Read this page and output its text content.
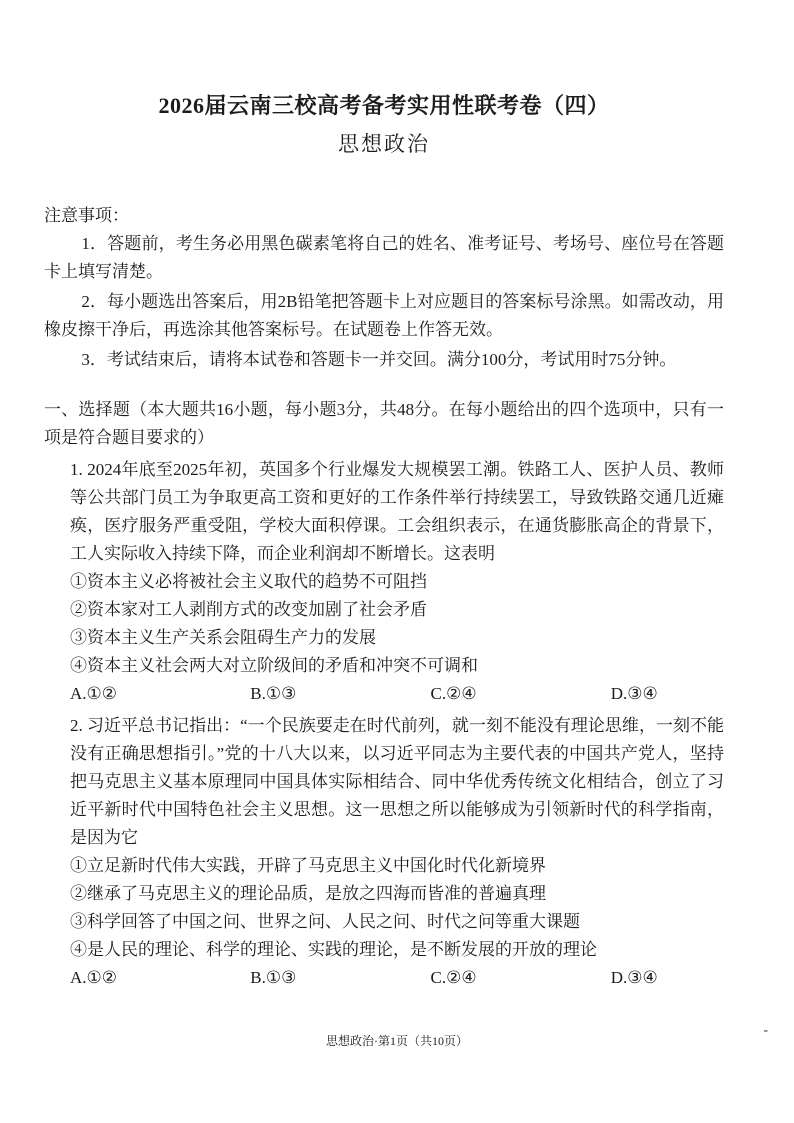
2026届云南三校高考备考实用性联考卷（四）
思想政治

注意事项：

1．答题前，考生务必用黑色碳素笔将自己的姓名、准考证号、考场号、座位号在答题卡上填写清楚。

2．每小题选出答案后，用2B铅笔把答题卡上对应题目的答案标号涂黑。如需改动，用橡皮擦干净后，再选涂其他答案标号。在试题卷上作答无效。

3．考试结束后，请将本试卷和答题卡一并交回。满分100分，考试用时75分钟。

一、选择题（本大题共16小题，每小题3分，共48分。在每小题给出的四个选项中，只有一项是符合题目要求的）

1. 2024年底至2025年初，英国多个行业爆发大规模罢工潮。铁路工人、医护人员、教师等公共部门员工为争取更高工资和更好的工作条件举行持续罢工，导致铁路交通几近瘫痪，医疗服务严重受阻，学校大面积停课。工会组织表示，在通货膨胀高企的背景下，工人实际收入持续下降，而企业利润却不断增长。这表明

①资本主义必将被社会主义取代的趋势不可阻挡

②资本家对工人剥削方式的改变加剧了社会矛盾

③资本主义生产关系会阻碍生产力的发展

④资本主义社会两大对立阶级间的矛盾和冲突不可调和

A.①②	B.①③	C.②④	D.③④

2. 习近平总书记指出：“一个民族要走在时代前列，就一刻不能没有理论思维，一刻不能没有正确思想指引。”党的十八大以来，以习近平同志为主要代表的中国共产党人，坚持把马克思主义基本原理同中国具体实际相结合、同中华优秀传统文化相结合，创立了习近平新时代中国特色社会主义思想。这一思想之所以能够成为引领新时代的科学指南，是因为它

①立足新时代伟大实践，开辟了马克思主义中国化时代化新境界

②继承了马克思主义的理论品质，是放之四海而皆准的普遍真理

③科学回答了中国之问、世界之问、人民之问、时代之问等重大课题

④是人民的理论、科学的理论、实践的理论，是不断发展的开放的理论

A.①②	B.①③	C.②④	D.③④

思想政治·第1页（共10页）
-
